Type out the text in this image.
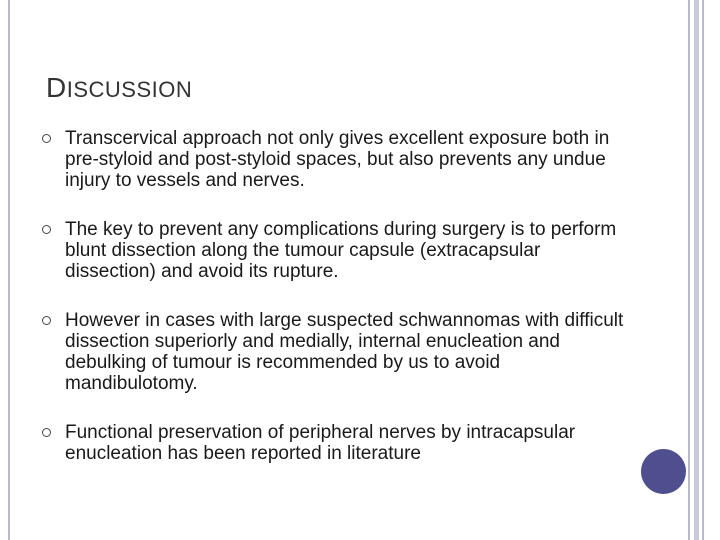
DISCUSSION
Transcervical approach not only gives excellent exposure both in pre-styloid and post-styloid spaces, but also prevents any undue injury to vessels and nerves.
The key to prevent any complications during surgery is to perform blunt dissection along the tumour capsule (extracapsular dissection) and avoid its rupture.
However in cases with large suspected schwannomas with difficult dissection superiorly and medially, internal enucleation and debulking of tumour is recommended by us to avoid mandibulotomy.
Functional preservation of peripheral nerves by intracapsular enucleation has been reported in literature
